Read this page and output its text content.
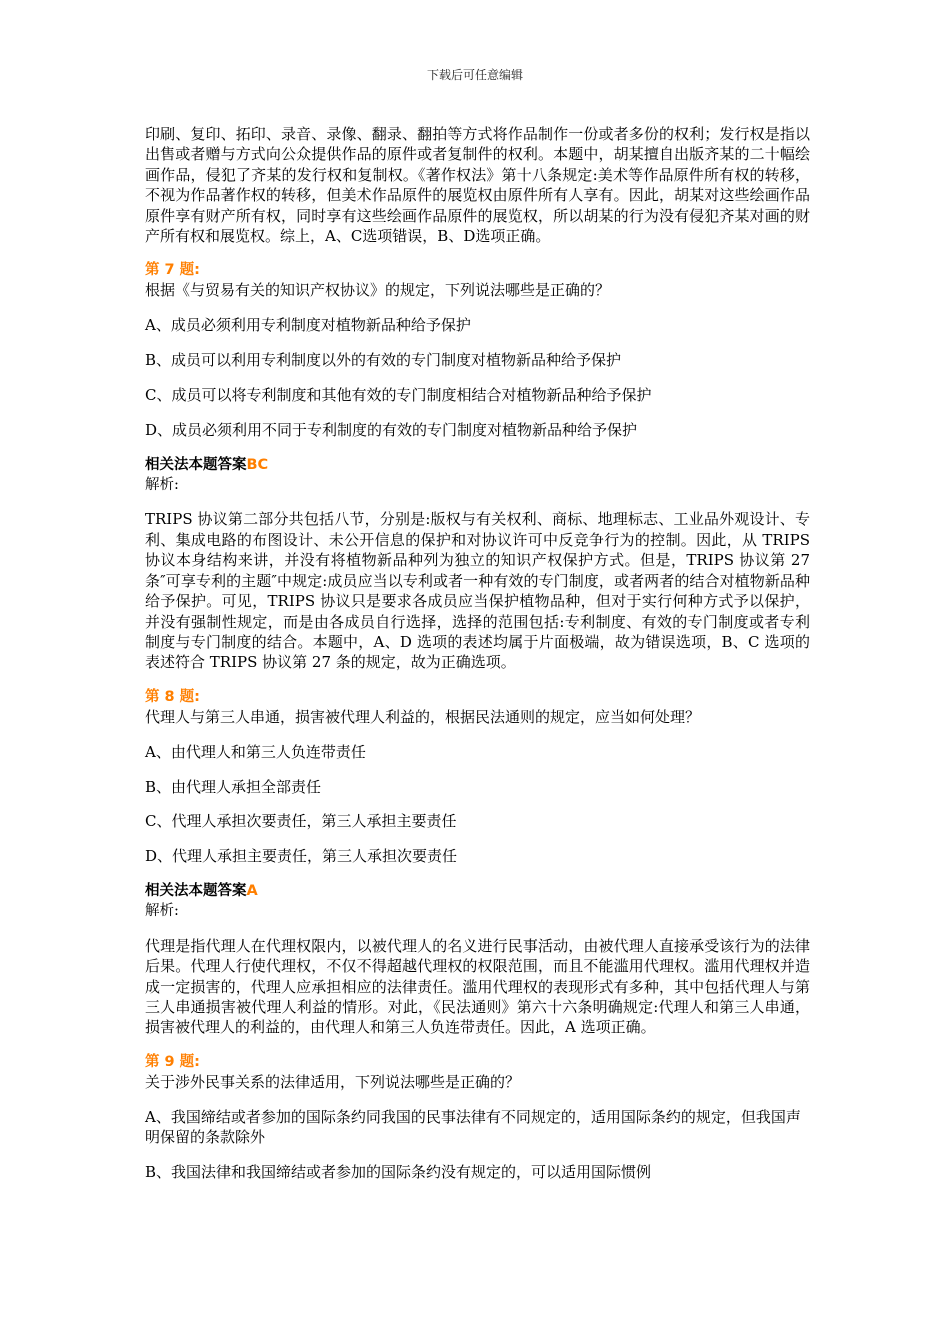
下载后可任意编辑

印刷、复印、拓印、录音、录像、翻录、翻拍等方式将作品制作一份或者多份的权利；发行权是指以出售或者赠与方式向公众提供作品的原件或者复制件的权利。本题中，胡某擅自出版齐某的二十幅绘画作品，侵犯了齐某的发行权和复制权。《著作权法》第十八条规定:美术等作品原件所有权的转移，不视为作品著作权的转移，但美术作品原件的展览权由原件所有人享有。因此，胡某对这些绘画作品原件享有财产所有权，同时享有这些绘画作品原件的展览权，所以胡某的行为没有侵犯齐某对画的财产所有权和展览权。综上，A、C选项错误，B、D选项正确。

第 7 题:

根据《与贸易有关的知识产权协议》的规定，下列说法哪些是正确的？

A、成员必须利用专利制度对植物新品种给予保护

B、成员可以利用专利制度以外的有效的专门制度对植物新品种给予保护

C、成员可以将专利制度和其他有效的专门制度相结合对植物新品种给予保护

D、成员必须利用不同于专利制度的有效的专门制度对植物新品种给予保护

相关法本题答案BC

解析:

TRIPS 协议第二部分共包括八节，分别是:版权与有关权利、商标、地理标志、工业品外观设计、专利、集成电路的布图设计、未公开信息的保护和对协议许可中反竞争行为的控制。因此，从 TRIPS 协议本身结构来讲，并没有将植物新品种列为独立的知识产权保护方式。但是，TRIPS 协议第 27 条″可享专利的主题″中规定:成员应当以专利或者一种有效的专门制度，或者两者的结合对植物新品种给予保护。可见，TRIPS 协议只是要求各成员应当保护植物品种，但对于实行何种方式予以保护，并没有强制性规定，而是由各成员自行选择，选择的范围包括:专利制度、有效的专门制度或者专利制度与专门制度的结合。本题中，A、D 选项的表述均属于片面极端，故为错误选项，B、C 选项的表述符合 TRIPS 协议第 27 条的规定，故为正确选项。

第 8 题:

代理人与第三人串通，损害被代理人利益的，根据民法通则的规定，应当如何处理？

A、由代理人和第三人负连带责任

B、由代理人承担全部责任

C、代理人承担次要责任，第三人承担主要责任

D、代理人承担主要责任，第三人承担次要责任

相关法本题答案A

解析:

代理是指代理人在代理权限内，以被代理人的名义进行民事活动，由被代理人直接承受该行为的法律后果。代理人行使代理权，不仅不得超越代理权的权限范围，而且不能滥用代理权。滥用代理权并造成一定损害的，代理人应承担相应的法律责任。滥用代理权的表现形式有多种，其中包括代理人与第三人串通损害被代理人利益的情形。对此，《民法通则》第六十六条明确规定:代理人和第三人串通，损害被代理人的利益的，由代理人和第三人负连带责任。因此，A 选项正确。

第 9 题:

关于涉外民事关系的法律适用，下列说法哪些是正确的？

A、我国缔结或者参加的国际条约同我国的民事法律有不同规定的，适用国际条约的规定，但我国声明保留的条款除外

B、我国法律和我国缔结或者参加的国际条约没有规定的，可以适用国际惯例
